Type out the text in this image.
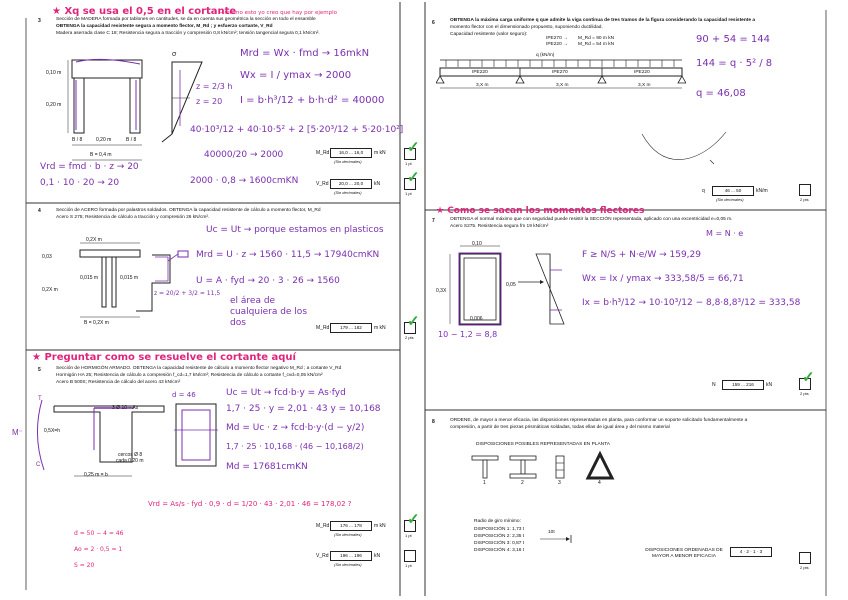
★ Xq se usa el 0,5 en el cortante
← mismo esto yo creo que hay por ejemplo
3	Sección de MADERA formada por tablones en cantitudes, se da en cuenta sus geométrica la sección en todo el ensamble
OBTENGA la capacidad resistente segura a momento flector, M_Rd ; y esfuerzo cortante, V_Rd
Madera aserrada clase C 18; Resistencia segura a tracción y compresión 0,8 kN/cm²; tensión tangencial segura 0,1 kN/cm².
σ
0,10 m
0,20 m
B / 8	0,20 m	B / 8
B = 0,4 m
z = 2/3 h
z = 20
Mrd = Wx · fmd → 16mkN
Wx = I / ymax → 2000
I = b·h³/12 + b·h·d² = 40000
40·10³/12 + 40·10·5² + 2 [5·20³/12 + 5·20·10²]
40000/20 → 2000
2000 · 0,8 → 1600cmKN
Vrd = fmd · b · z → 20
0,1 · 10 · 20 → 20
M_Rd	16,0 ... 16,0	m kN
(Sin decimales)
✓
1 pt
V_Rd	20,0 ... 20,0	kN
(Sin decimales)
✓
1 pt
4	Sección de ACERO formada por palastros soldados. OBTENGA la capacidad resistente de cálculo a momento flector, M_Rd
Acero S 275; Resistencia de cálculo a tracción y compresión 26 kN/cm².
0,2X m
0,03
0,015 m	0,015 m
0,2X m
B = 0,2X m
Uc = Ut → porque estamos en plasticos
Mrd = U · z → 1560 · 11,5 → 17940cmKN
U = A · fyd → 20 · 3 · 26 → 1560
z = 20/2 + 3/2 = 11,5
el área de cualquiera de los dos	M_Rd	179 ... 182	m kN ✓
2 pts
★ Preguntar como se resuelve el cortante aquí
5	Sección de HORMIGÓN ARMADO. OBTENGA la capacidad resistente de cálculo a momento flector negativo M_Rd ; a cortante V_Rd
Hormigón HA 25; Resistencia de cálculo a compresión f_cd=1,7 kN/cm²; Resistencia de cálculo a cortante f_cvd=0,05 kN/cm²
Acero B 500S; Resistencia de cálculo del acero 43 kN/cm²
M⁻
T
C
0,5X=h
3 Ø 10 = As
cercos Ø 8
cada 0,20 m
0,25 m = b
d = 46	Uc = Ut → fcd·b·y = As·fyd
1,7 · 25 · y = 2,01 · 43 y = 10,168
Md = Uc · z → fcd·b·y·(d − y/2)
1,7 · 25 · 10,168 · (46 − 10,168/2)
Md = 17681cmKN
Vrd = As/s · fyd · 0,9 · d = 1/20 · 43 · 2,01 · 46 = 178,02 ?
d = 50 − 4 = 46
Ao = 2 · 0,5 = 1
S = 20
M_Rd	176 ... 178	m kN
(Sin decimales)
✓
1 pt
V_Rd	196 ... 196	kN
(Sin decimales)	1 pt
6	OBTENGA la máxima carga uniforme q que admite la viga continua de tres tramos de la figura considerando la capacidad resistente a
momento flector con el dimensionado propuesto, suponiendo ductilidad.
Capacidad resistente (valor seguro):
IPE270 →
IPE220 →
M_Rd = 90 m kN
M_Rd = 54 m kN
q (kN/m)
IPE220	IPE270	IPE220
3,X m	3,X m	3,X m
90 + 54 = 144
144 = q · 5² / 8
q = 46,08
q	46 ... 50	kN/m
(Sin decimales)	2 pts
7	OBTENGA el normal máximo que con seguridad puede resistir la SECCIÓN representada, aplicado con una excentricidad e=0,05 m.
Acero S275. Resistencia segura fm 19 kN/cm²
M = N · e
0,10
0,3X
0,006
0,05
10 − 1,2 = 8,8
F ≥ N/S + N·e/W → 159,29
Wx = Ix / ymax → 333,58/5 = 66,71
Ix = b·h³/12 → 10·10³/12 − 8,8·8,8³/12 = 333,58
★ Como se sacan los momentos flectores
N	159 ... 216	kN ✓
2 pts
8	ORDENE, de mayor a menor eficacia, las disposiciones representadas en planta, para conformar un soporte solicitado fundamentalmente a
compresión, a partir de tres piezas prismáticas soldadas, todas ellas de igual área y del mismo material
DISPOSICIONES POSIBLES REPRESENTADAS EN PLANTA
1	2	3	4
Radio de giro mínimo:
DISPOSICIÓN 1: 1,73 t
DISPOSICIÓN 2: 2,35 t
DISPOSICIÓN 3: 0,87 t
DISPOSICIÓN 4: 3,16 t
10t
DISPOSICIONES ORDENADAS DE MAYOR A MENOR EFICACIA
4 · 2 · 1 · 3
2 pts
